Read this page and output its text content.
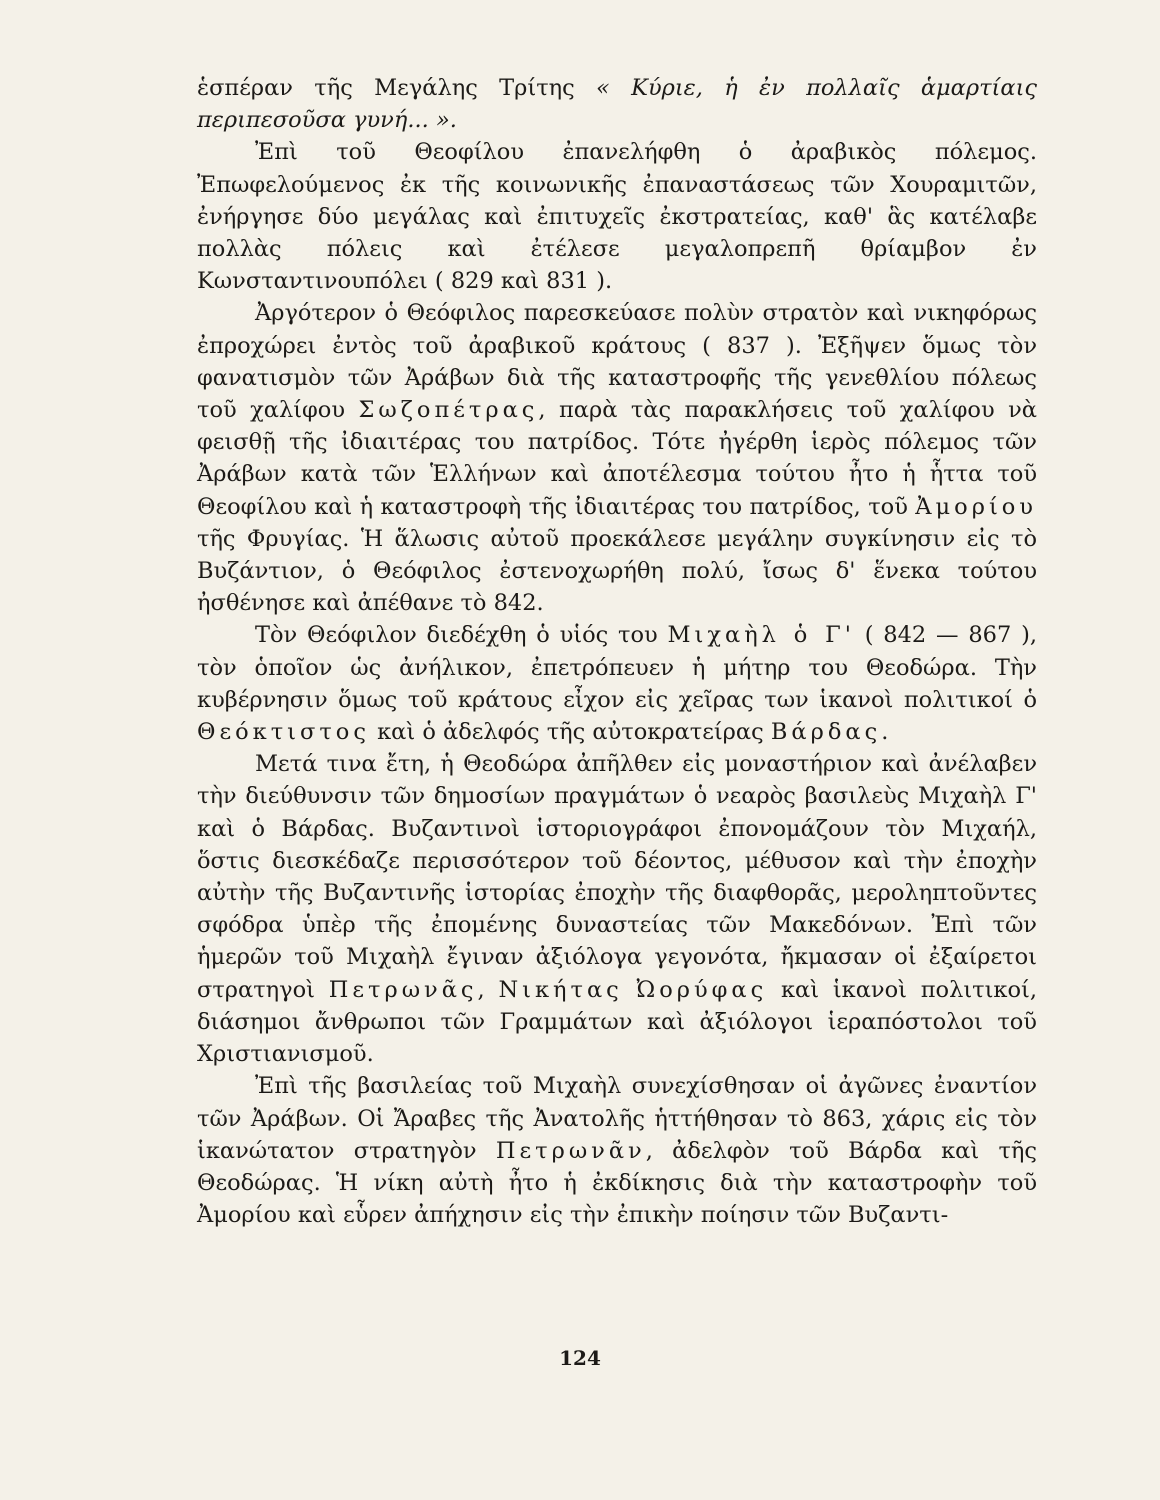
ἑσπέραν τῆς Μεγάλης Τρίτης « Κύριε, ἡ ἐν πολλαῖς ἁμαρτίαις περιπεσοῦσα γυνή... ».

Ἐπὶ τοῦ Θεοφίλου ἐπανελήφθη ὁ ἀραβικὸς πόλεμος. Ἐπωφελούμενος ἐκ τῆς κοινωνικῆς ἐπαναστάσεως τῶν Χουραμιτῶν, ἐνήργησε δύο μεγάλας καὶ ἐπιτυχεῖς ἐκστρατείας, καθ' ἃς κατέλαβε πολλὰς πόλεις καὶ ἐτέλεσε μεγαλοπρεπῆ θρίαμβον ἐν Κωνσταντινουπόλει ( 829 καὶ 831 ).

Ἀργότερον ὁ Θεόφιλος παρεσκεύασε πολὺν στρατὸν καὶ νικηφόρως ἐπροχώρει ἐντὸς τοῦ ἀραβικοῦ κράτους ( 837 ). Ἐξῆψεν ὅμως τὸν φανατισμὸν τῶν Ἀράβων διὰ τῆς καταστροφῆς τῆς γενεθλίου πόλεως τοῦ χαλίφου Σωζοπέτρας, παρὰ τὰς παρακλήσεις τοῦ χαλίφου νὰ φεισθῇ τῆς ἰδιαιτέρας του πατρίδος. Τότε ἠγέρθη ἱερὸς πόλεμος τῶν Ἀράβων κατὰ τῶν Ἑλλήνων καὶ ἀποτέλεσμα τούτου ἦτο ἡ ἧττα τοῦ Θεοφίλου καὶ ἡ καταστροφὴ τῆς ἰδιαιτέρας του πατρίδος, τοῦ Ἀμορίου τῆς Φρυγίας. Ἡ ἅλωσις αὐτοῦ προεκάλεσε μεγάλην συγκίνησιν εἰς τὸ Βυζάντιον, ὁ Θεόφιλος ἐστενοχωρήθη πολύ, ἴσως δ' ἕνεκα τούτου ἠσθένησε καὶ ἀπέθανε τὸ 842.

Τὸν Θεόφιλον διεδέχθη ὁ υἱός του Μιχαὴλ ὁ Γ' ( 842 — 867 ), τὸν ὁποῖον ὡς ἀνήλικον, ἐπετρόπευεν ἡ μήτηρ του Θεοδώρα. Τὴν κυβέρνησιν ὅμως τοῦ κράτους εἶχον εἰς χεῖρας των ἱκανοὶ πολιτικοί ὁ Θεόκτιστος καὶ ὁ ἀδελφός τῆς αὐτοκρατείρας Βάρδας.

Μετά τινα ἔτη, ἡ Θεοδώρα ἀπῆλθεν εἰς μοναστήριον καὶ ἀνέλαβεν τὴν διεύθυνσιν τῶν δημοσίων πραγμάτων ὁ νεαρὸς βασιλεὺς Μιχαὴλ Γ' καὶ ὁ Βάρδας. Βυζαντινοὶ ἱστοριογράφοι ἐπονομάζουν τὸν Μιχαήλ, ὅστις διεσκέδαζε περισσότερον τοῦ δέοντος, μέθυσον καὶ τὴν ἐποχὴν αὐτὴν τῆς Βυζαντινῆς ἱστορίας ἐποχὴν τῆς διαφθορᾶς, μεροληπτοῦντες σφόδρα ὑπὲρ τῆς ἐπομένης δυναστείας τῶν Μακεδόνων. Ἐπὶ τῶν ἡμερῶν τοῦ Μιχαὴλ ἔγιναν ἀξιόλογα γεγονότα, ἤκμασαν οἱ ἐξαίρετοι στρατηγοὶ Πετρωνᾶς, Νικήτας Ὠορύφας καὶ ἱκανοὶ πολιτικοί, διάσημοι ἄνθρωποι τῶν Γραμμάτων καὶ ἀξιόλογοι ἱεραπόστολοι τοῦ Χριστιανισμοῦ.

Ἐπὶ τῆς βασιλείας τοῦ Μιχαὴλ συνεχίσθησαν οἱ ἀγῶνες ἐναντίον τῶν Ἀράβων. Οἱ Ἄραβες τῆς Ἀνατολῆς ἡττήθησαν τὸ 863, χάρις εἰς τὸν ἱκανώτατον στρατηγὸν Πετρωνᾶν, ἀδελφὸν τοῦ Βάρδα καὶ τῆς Θεοδώρας. Ἡ νίκη αὐτὴ ἦτο ἡ ἐκδίκησις διὰ τὴν καταστροφὴν τοῦ Ἀμορίου καὶ εὗρεν ἀπήχησιν εἰς τὴν ἐπικὴν ποίησιν τῶν Βυζαντι-

124
